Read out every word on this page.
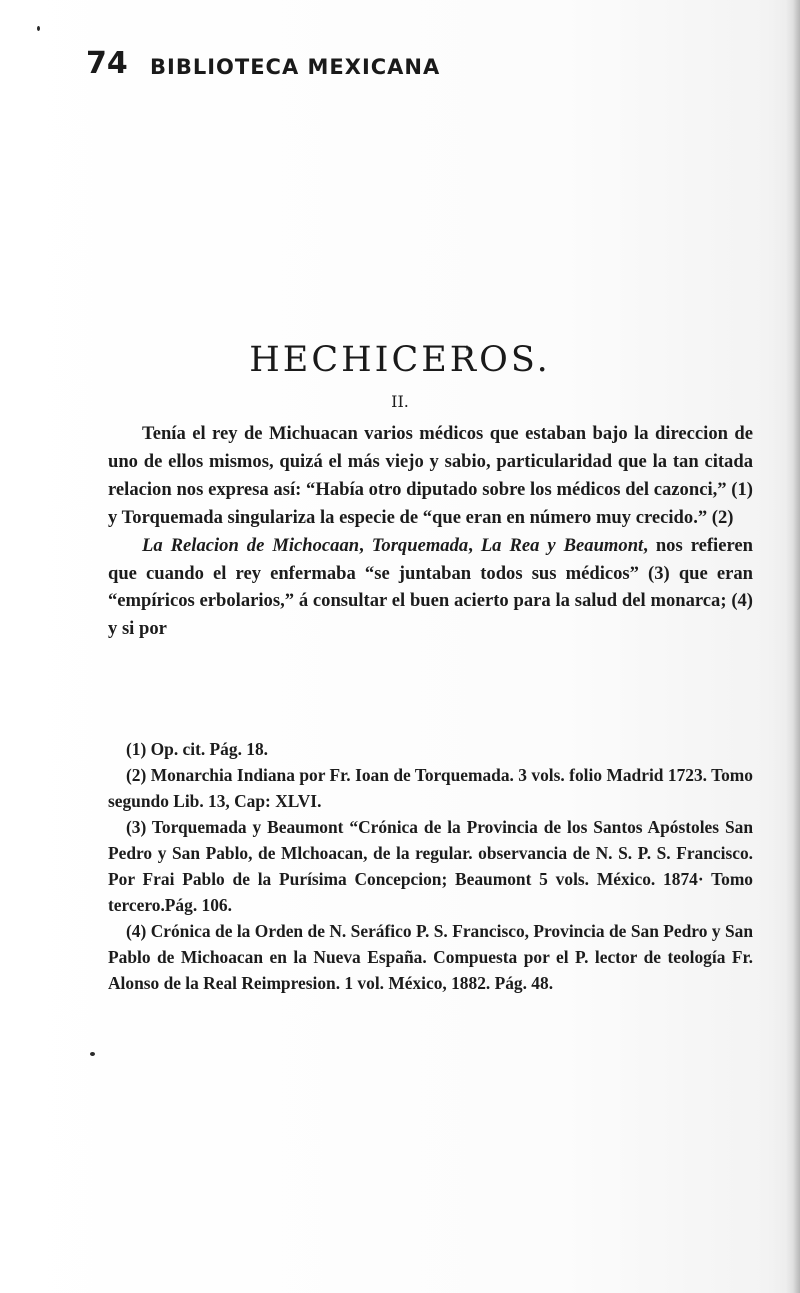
74 BIBLIOTECA MEXICANA
HECHICEROS.
II.

Tenía el rey de Michuacan varios médicos que estaban bajo la direccion de uno de ellos mismos, quizá el más viejo y sabio, particularidad que la tan citada relacion nos expresa así: “Había otro diputado sobre los médicos del cazonci,” (1) y Torquemada singulariza la especie de “que eran en número muy crecido.” (2)

La Relacion de Michocaan, Torquemada, La Rea y Beaumont, nos refieren que cuando el rey enfermaba “se juntaban todos sus médicos” (3) que eran “empíricos erbolarios,” á consultar el buen acierto para la salud del monarca; (4) y si por

(1) Op. cit. Pág. 18.

(2) Monarchia Indiana por Fr. Ioan de Torquemada. 3 vols. folio Madrid 1723. Tomo segundo Lib. 13, Cap: XLVI.

(3) Torquemada y Beaumont “Crónica de la Provincia de los Santos Apóstoles San Pedro y San Pablo, de Mlchoacan, de la regular. observancia de N. S. P. S. Francisco. Por Frai Pablo de la Purísima Concepcion; Beaumont 5 vols. México. 1874· Tomo tercero.Pág. 106.

(4) Crónica de la Orden de N. Seráfico P. S. Francisco, Provincia de San Pedro y San Pablo de Michoacan en la Nueva España. Compuesta por el P. lector de teología Fr. Alonso de la Real Reimpresion. 1 vol. México, 1882. Pág. 48.
